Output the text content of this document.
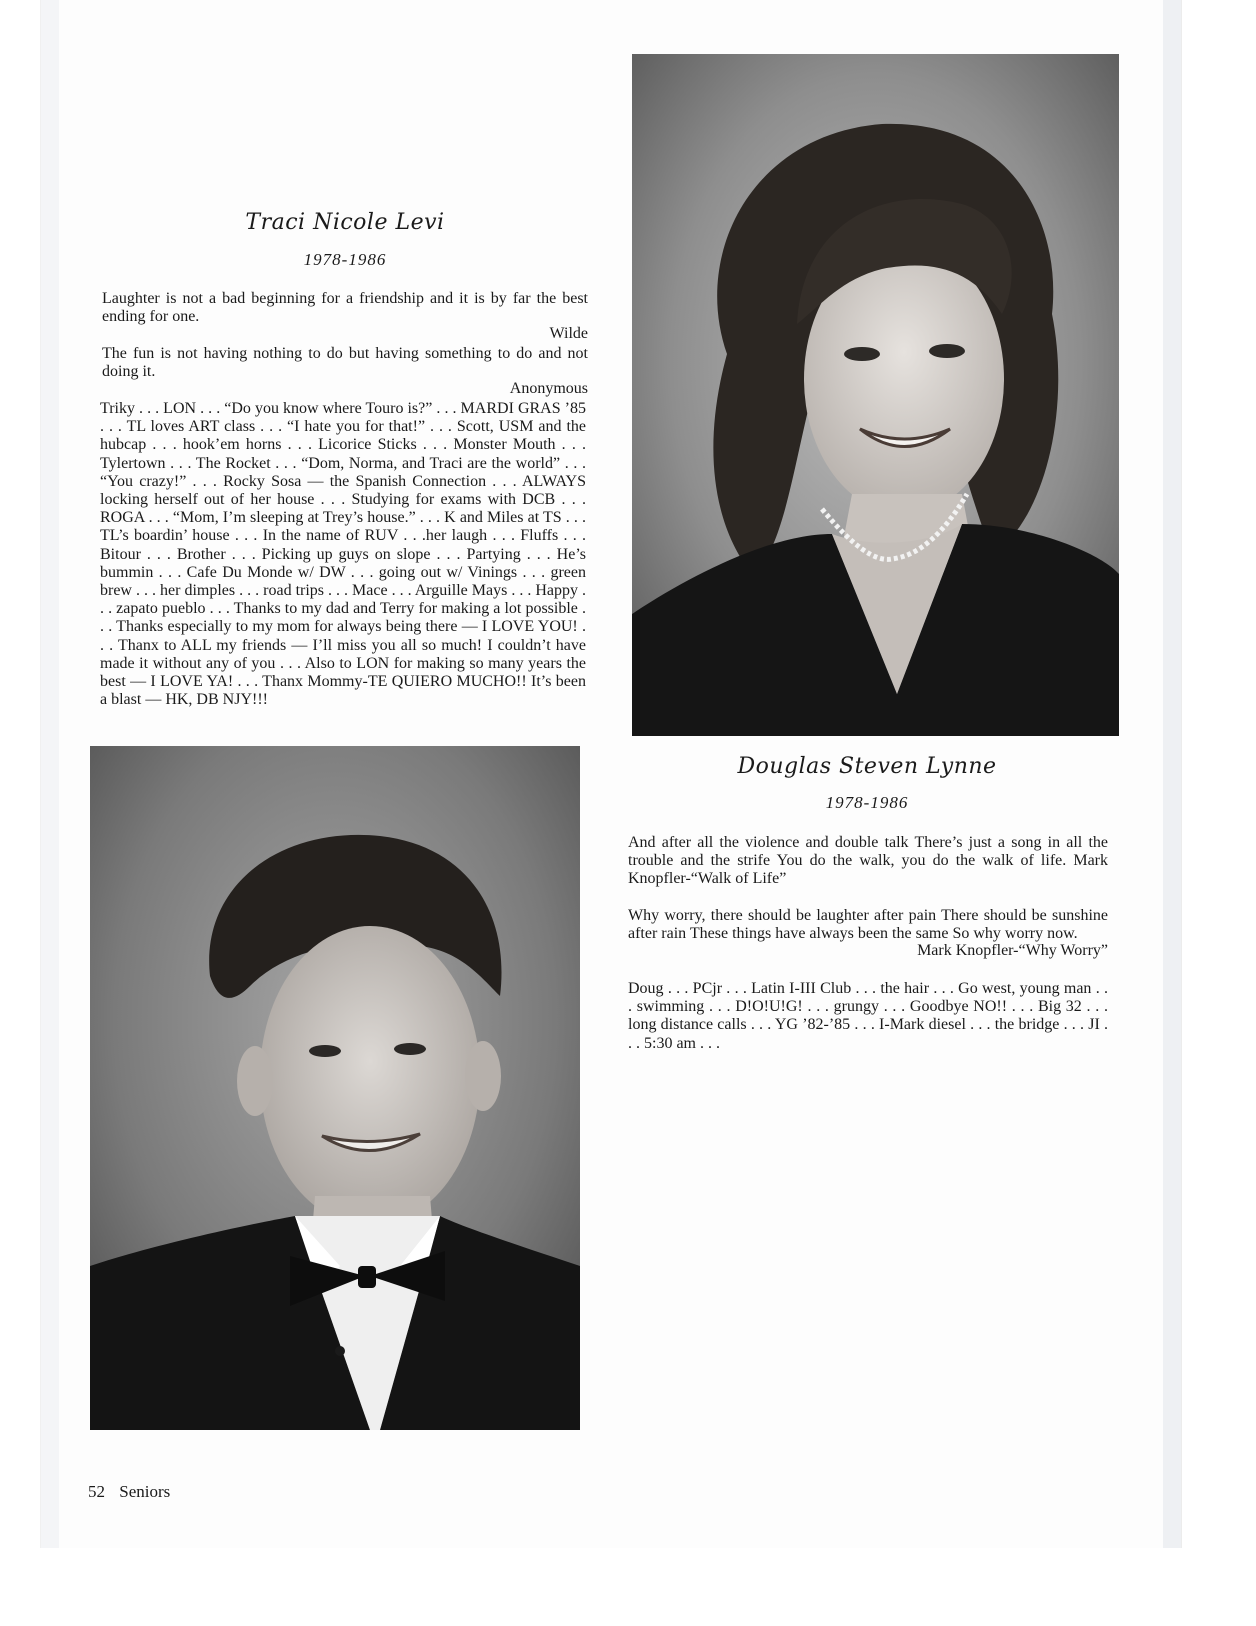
Traci Nicole Levi
1978-1986
Laughter is not a bad beginning for a friendship and it is by far the best ending for one.
Wilde
The fun is not having nothing to do but having something to do and not doing it.
Anonymous
Triky . . . LON . . . “Do you know where Touro is?” . . . MARDI GRAS ’85 . . . TL loves ART class . . . “I hate you for that!” . . . Scott, USM and the hubcap . . . hook’em horns . . . Licorice Sticks . . . Monster Mouth . . . Tylertown . . . The Rocket . . . “Dom, Norma, and Traci are the world” . . . “You crazy!” . . . Rocky Sosa — the Spanish Connection . . . ALWAYS locking herself out of her house . . . Studying for exams with DCB . . . ROGA . . . “Mom, I’m sleeping at Trey’s house.” . . . K and Miles at TS . . . TL’s boardin’ house . . . In the name of RUV . . .her laugh . . . Fluffs . . . Bitour . . . Brother . . . Picking up guys on slope . . . Partying . . . He’s bummin . . . Cafe Du Monde w/ DW . . . going out w/ Vinings . . . green brew . . . her dimples . . . road trips . . . Mace . . . Arguille Mays . . . Happy . . . zapato pueblo . . . Thanks to my dad and Terry for making a lot possible . . . Thanks especially to my mom for always being there — I LOVE YOU! . . . Thanx to ALL my friends — I’ll miss you all so much! I couldn’t have made it without any of you . . . Also to LON for making so many years the best — I LOVE YA! . . . Thanx Mommy-TE QUIERO MUCHO!! It’s been a blast — HK, DB NJY!!!
Douglas Steven Lynne
1978-1986
And after all the violence and double talk There’s just a song in all the trouble and the strife You do the walk, you do the walk of life. Mark Knopfler-“Walk of Life”
Why worry, there should be laughter after pain There should be sunshine after rain These things have always been the same So why worry now.
Mark Knopfler-“Why Worry”
Doug . . . PCjr . . . Latin I-III Club . . . the hair . . . Go west, young man . . . swimming . . . D!O!U!G! . . . grungy . . . Goodbye NO!! . . . Big 32 . . . long distance calls . . . YG ’82-’85 . . . I-Mark diesel . . . the bridge . . . JI . . . 5:30 am . . .
52 Seniors
